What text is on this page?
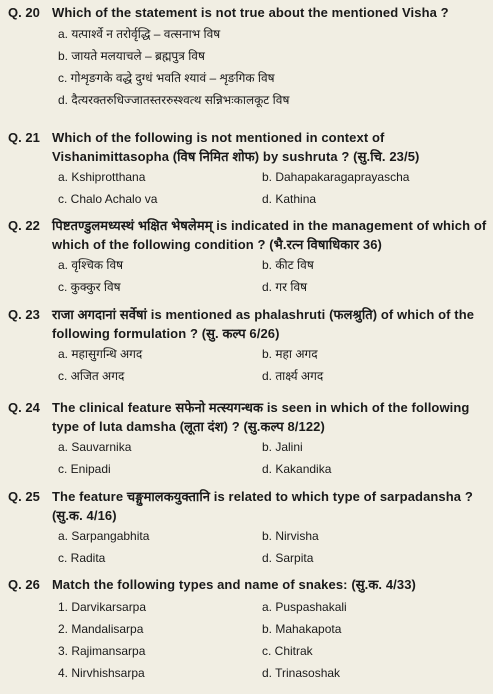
Q. 20 Which of the statement is not true about the mentioned Visha ?
a. यत्पार्श्वे न तरोर्वृद्धि – वत्सनाभ विष
b. जायते मलयाचले – ब्रह्मपुत्र विष
c. गोशृङगके वद्धे दुग्धं भवति श्यावं – शृङगिक विष
d. दैत्यरक्तरुधिज्जातस्तररुस्श्वत्थ सन्निभःकालकूट विष
Q. 21 Which of the following is not mentioned in context of Vishanimittasopha (विष निमित शोफ) by sushruta ? (सु.चि. 23/5)
a. Kshiprotthana	b. Dahapakaragaprayascha
c. Chalo Achalo va	d. Kathina
Q. 22 पिष्टतण्डुलमध्यस्थं भक्षित भेषलेमम् is indicated in the management of which of which of the following condition ? (भै.रत्न विषाधिकार 36)
a. वृश्चिक विष	b. कीट विष
c. कुक्कुर विष	d. गर विष
Q. 23 राजा अगदानां सर्वेषां is mentioned as phalashruti (फलश्रुति) of which of the following formulation ? (सु. कल्प 6/26)
a. महासुगन्धि अगद	b. महा अगद
c. अजित अगद	d. तार्क्ष्य अगद
Q. 24 The clinical feature सफेनो मत्स्यगन्धक is seen in which of the following type of luta damsha (लूता दंश) ? (सु.कल्प 8/122)
a. Sauvarnika	b. Jalini
c. Enipadi	d. Kakandika
Q. 25 The feature चङ्गुमालकयुक्तानि is related to which type of sarpadansha ? (सु.क. 4/16)
a. Sarpangabhita	b. Nirvisha
c. Radita	d. Sarpita
Q. 26 Match the following types and name of snakes: (सु.क. 4/33)
1. Darvikarsarpa	a. Puspashakali
2. Mandalisarpa	b. Mahakapota
3. Rajimansarpa	c. Chitrak
4. Nirvhishsarpa	d. Trinasoshak
